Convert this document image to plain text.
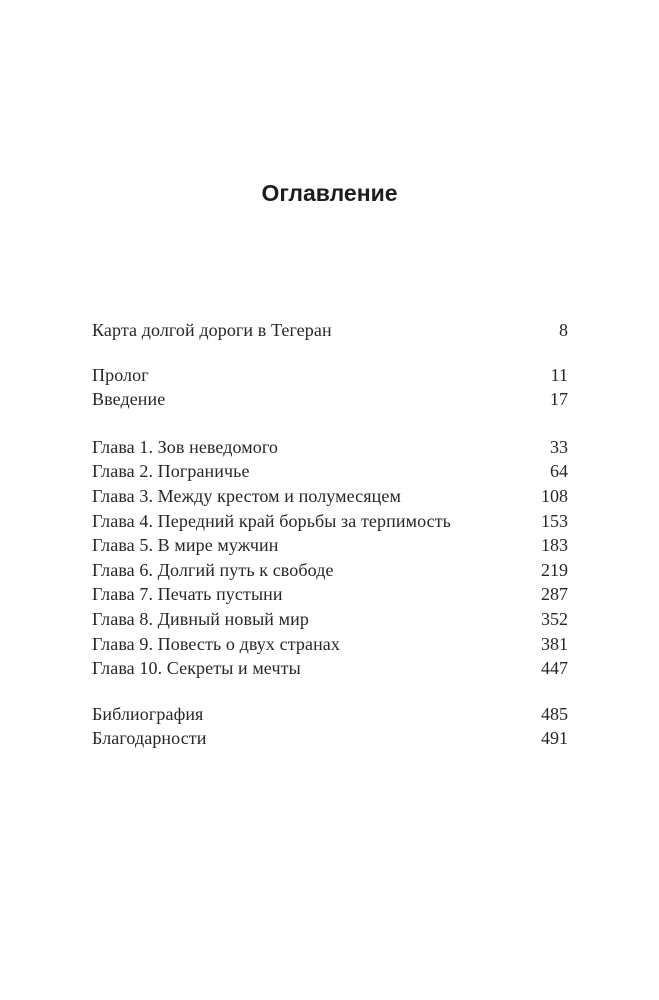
Оглавление
Карта долгой дороги в Тегеран	8
Пролог	11
Введение	17
Глава 1. Зов неведомого	33
Глава 2. Пограничье	64
Глава 3. Между крестом и полумесяцем	108
Глава 4. Передний край борьбы за терпимость	153
Глава 5. В мире мужчин	183
Глава 6. Долгий путь к свободе	219
Глава 7. Печать пустыни	287
Глава 8. Дивный новый мир	352
Глава 9. Повесть о двух странах	381
Глава 10. Секреты и мечты	447
Библиография	485
Благодарности	491
